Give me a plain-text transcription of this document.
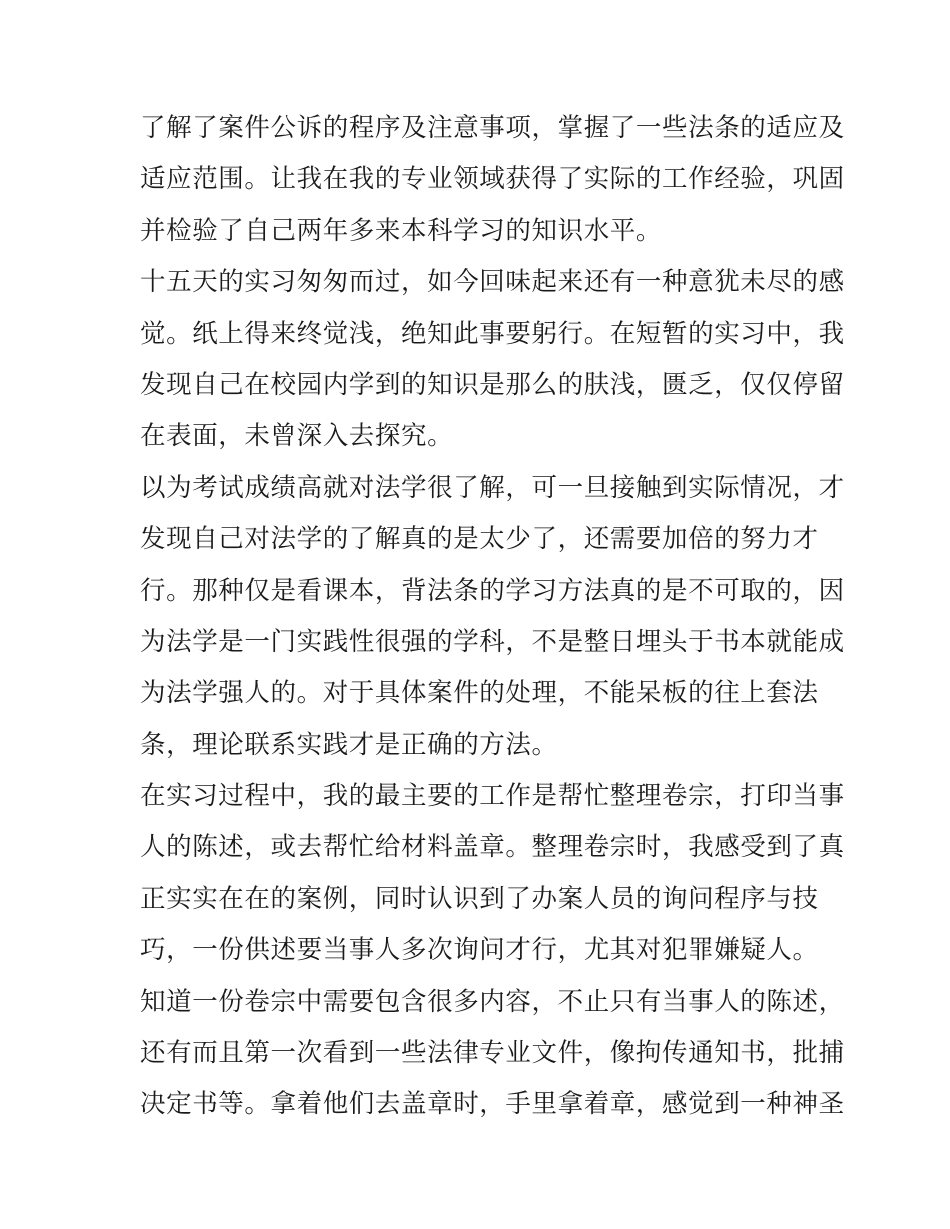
了解了案件公诉的程序及注意事项，掌握了一些法条的适应及
适应范围。让我在我的专业领域获得了实际的工作经验，巩固
并检验了自己两年多来本科学习的知识水平。
十五天的实习匆匆而过，如今回味起来还有一种意犹未尽的感
觉。纸上得来终觉浅，绝知此事要躬行。在短暂的实习中，我
发现自己在校园内学到的知识是那么的肤浅，匮乏，仅仅停留
在表面，未曾深入去探究。
以为考试成绩高就对法学很了解，可一旦接触到实际情况，才
发现自己对法学的了解真的是太少了，还需要加倍的努力才
行。那种仅是看课本，背法条的学习方法真的是不可取的，因
为法学是一门实践性很强的学科，不是整日埋头于书本就能成
为法学强人的。对于具体案件的处理，不能呆板的往上套法
条，理论联系实践才是正确的方法。
在实习过程中，我的最主要的工作是帮忙整理卷宗，打印当事
人的陈述，或去帮忙给材料盖章。整理卷宗时，我感受到了真
正实实在在的案例，同时认识到了办案人员的询问程序与技
巧，一份供述要当事人多次询问才行，尤其对犯罪嫌疑人。
知道一份卷宗中需要包含很多内容，不止只有当事人的陈述，
还有而且第一次看到一些法律专业文件，像拘传通知书，批捕
决定书等。拿着他们去盖章时，手里拿着章，感觉到一种神圣
